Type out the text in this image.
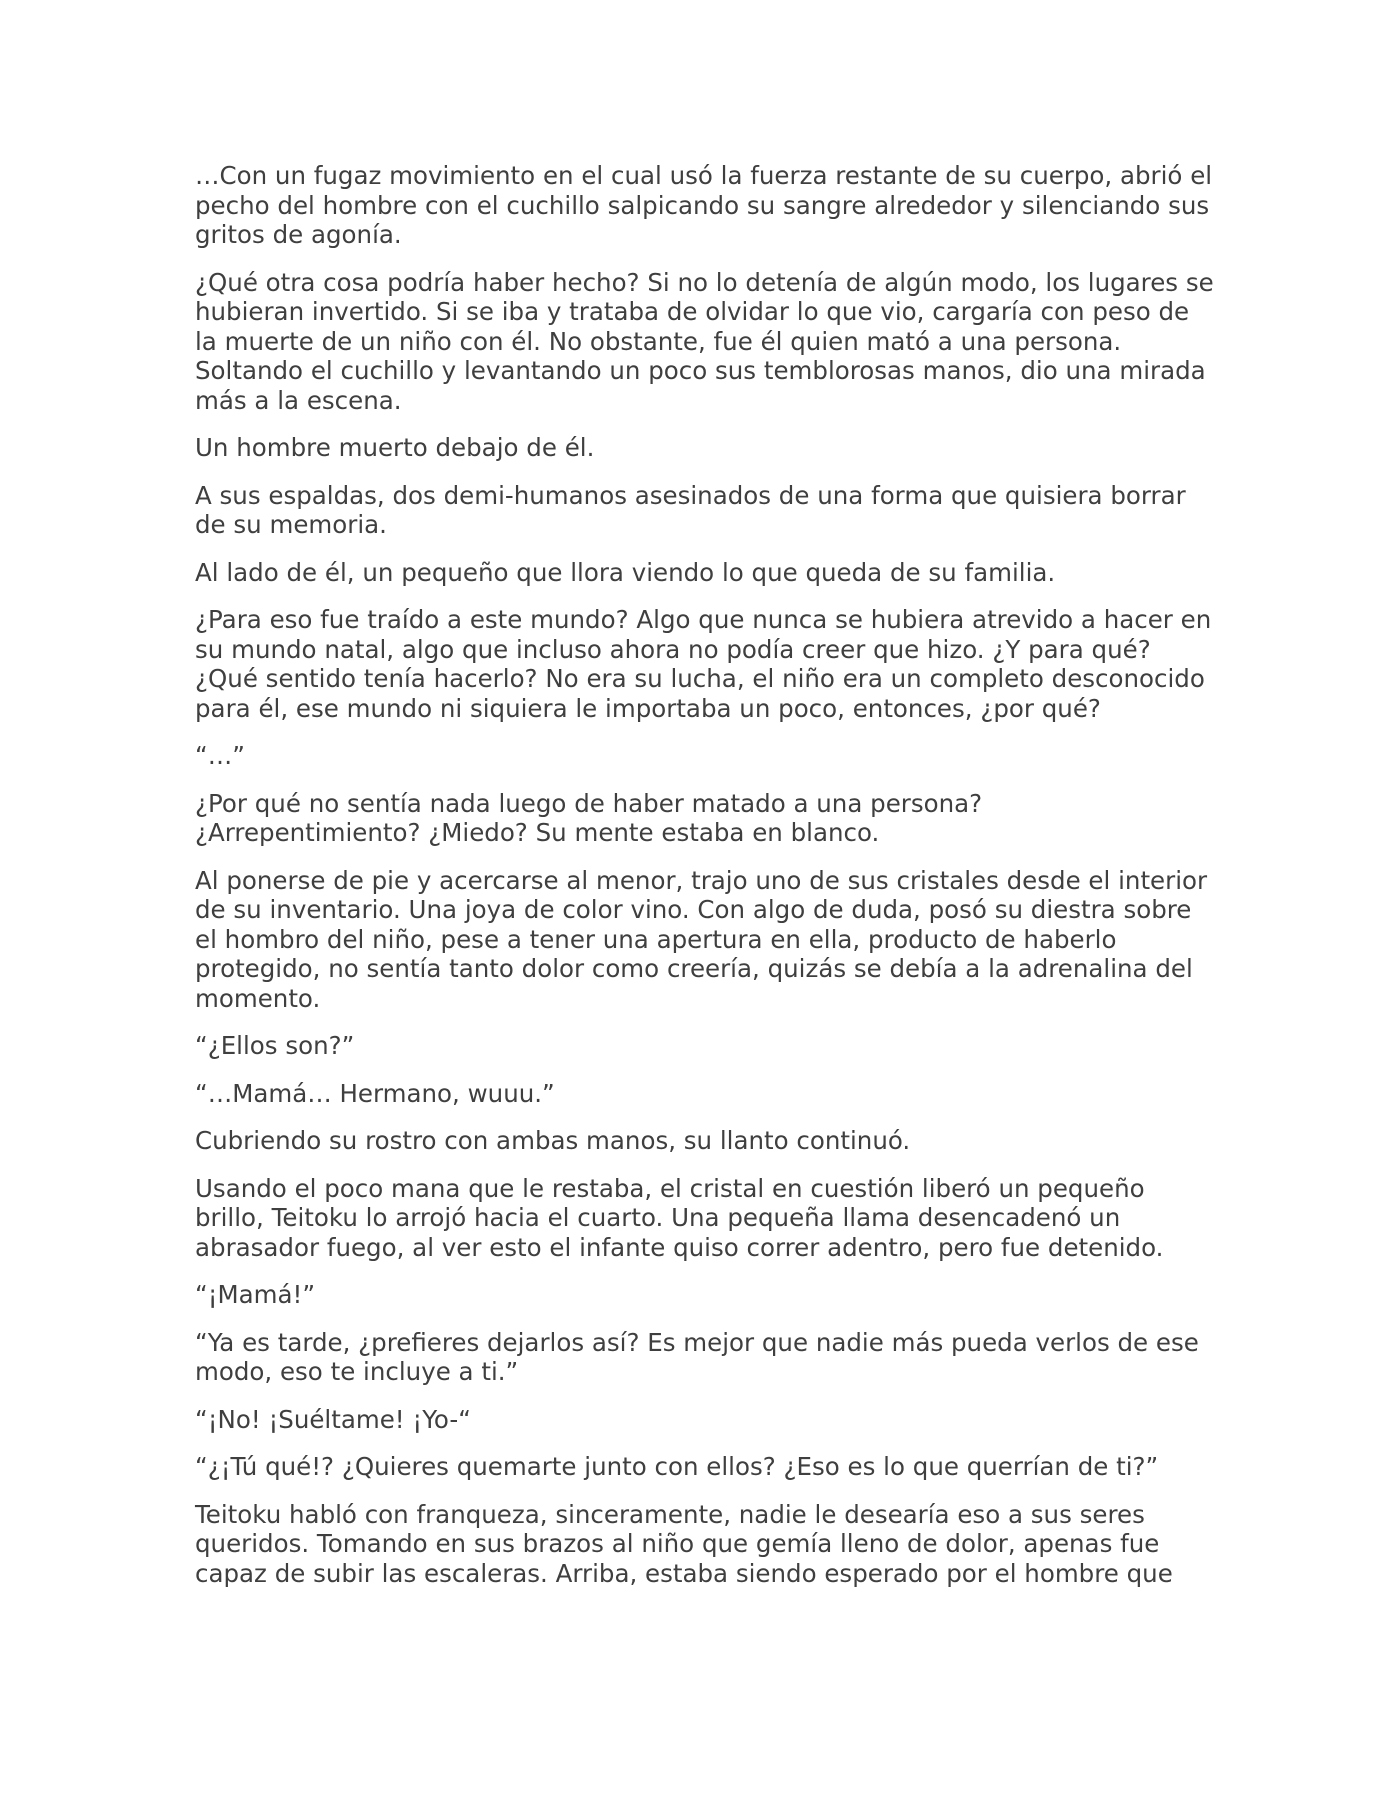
…Con un fugaz movimiento en el cual usó la fuerza restante de su cuerpo, abrió el pecho del hombre con el cuchillo salpicando su sangre alrededor y silenciando sus gritos de agonía.

¿Qué otra cosa podría haber hecho? Si no lo detenía de algún modo, los lugares se hubieran invertido. Si se iba y trataba de olvidar lo que vio, cargaría con peso de la muerte de un niño con él. No obstante, fue él quien mató a una persona. Soltando el cuchillo y levantando un poco sus temblorosas manos, dio una mirada más a la escena.

Un hombre muerto debajo de él.

A sus espaldas, dos demi-humanos asesinados de una forma que quisiera borrar de su memoria.

Al lado de él, un pequeño que llora viendo lo que queda de su familia.

¿Para eso fue traído a este mundo? Algo que nunca se hubiera atrevido a hacer en su mundo natal, algo que incluso ahora no podía creer que hizo. ¿Y para qué? ¿Qué sentido tenía hacerlo? No era su lucha, el niño era un completo desconocido para él, ese mundo ni siquiera le importaba un poco, entonces, ¿por qué?

“…”

¿Por qué no sentía nada luego de haber matado a una persona? ¿Arrepentimiento? ¿Miedo? Su mente estaba en blanco.

Al ponerse de pie y acercarse al menor, trajo uno de sus cristales desde el interior de su inventario. Una joya de color vino. Con algo de duda, posó su diestra sobre el hombro del niño, pese a tener una apertura en ella, producto de haberlo protegido, no sentía tanto dolor como creería, quizás se debía a la adrenalina del momento.

“¿Ellos son?”

“…Mamá… Hermano, wuuu.”

Cubriendo su rostro con ambas manos, su llanto continuó.

Usando el poco mana que le restaba, el cristal en cuestión liberó un pequeño brillo, Teitoku lo arrojó hacia el cuarto. Una pequeña llama desencadenó un abrasador fuego, al ver esto el infante quiso correr adentro, pero fue detenido.

“¡Mamá!”

“Ya es tarde, ¿prefieres dejarlos así? Es mejor que nadie más pueda verlos de ese modo, eso te incluye a ti.”

“¡No! ¡Suéltame! ¡Yo-“

“¿¡Tú qué!? ¿Quieres quemarte junto con ellos? ¿Eso es lo que querrían de ti?”

Teitoku habló con franqueza, sinceramente, nadie le desearía eso a sus seres queridos. Tomando en sus brazos al niño que gemía lleno de dolor, apenas fue capaz de subir las escaleras. Arriba, estaba siendo esperado por el hombre que
